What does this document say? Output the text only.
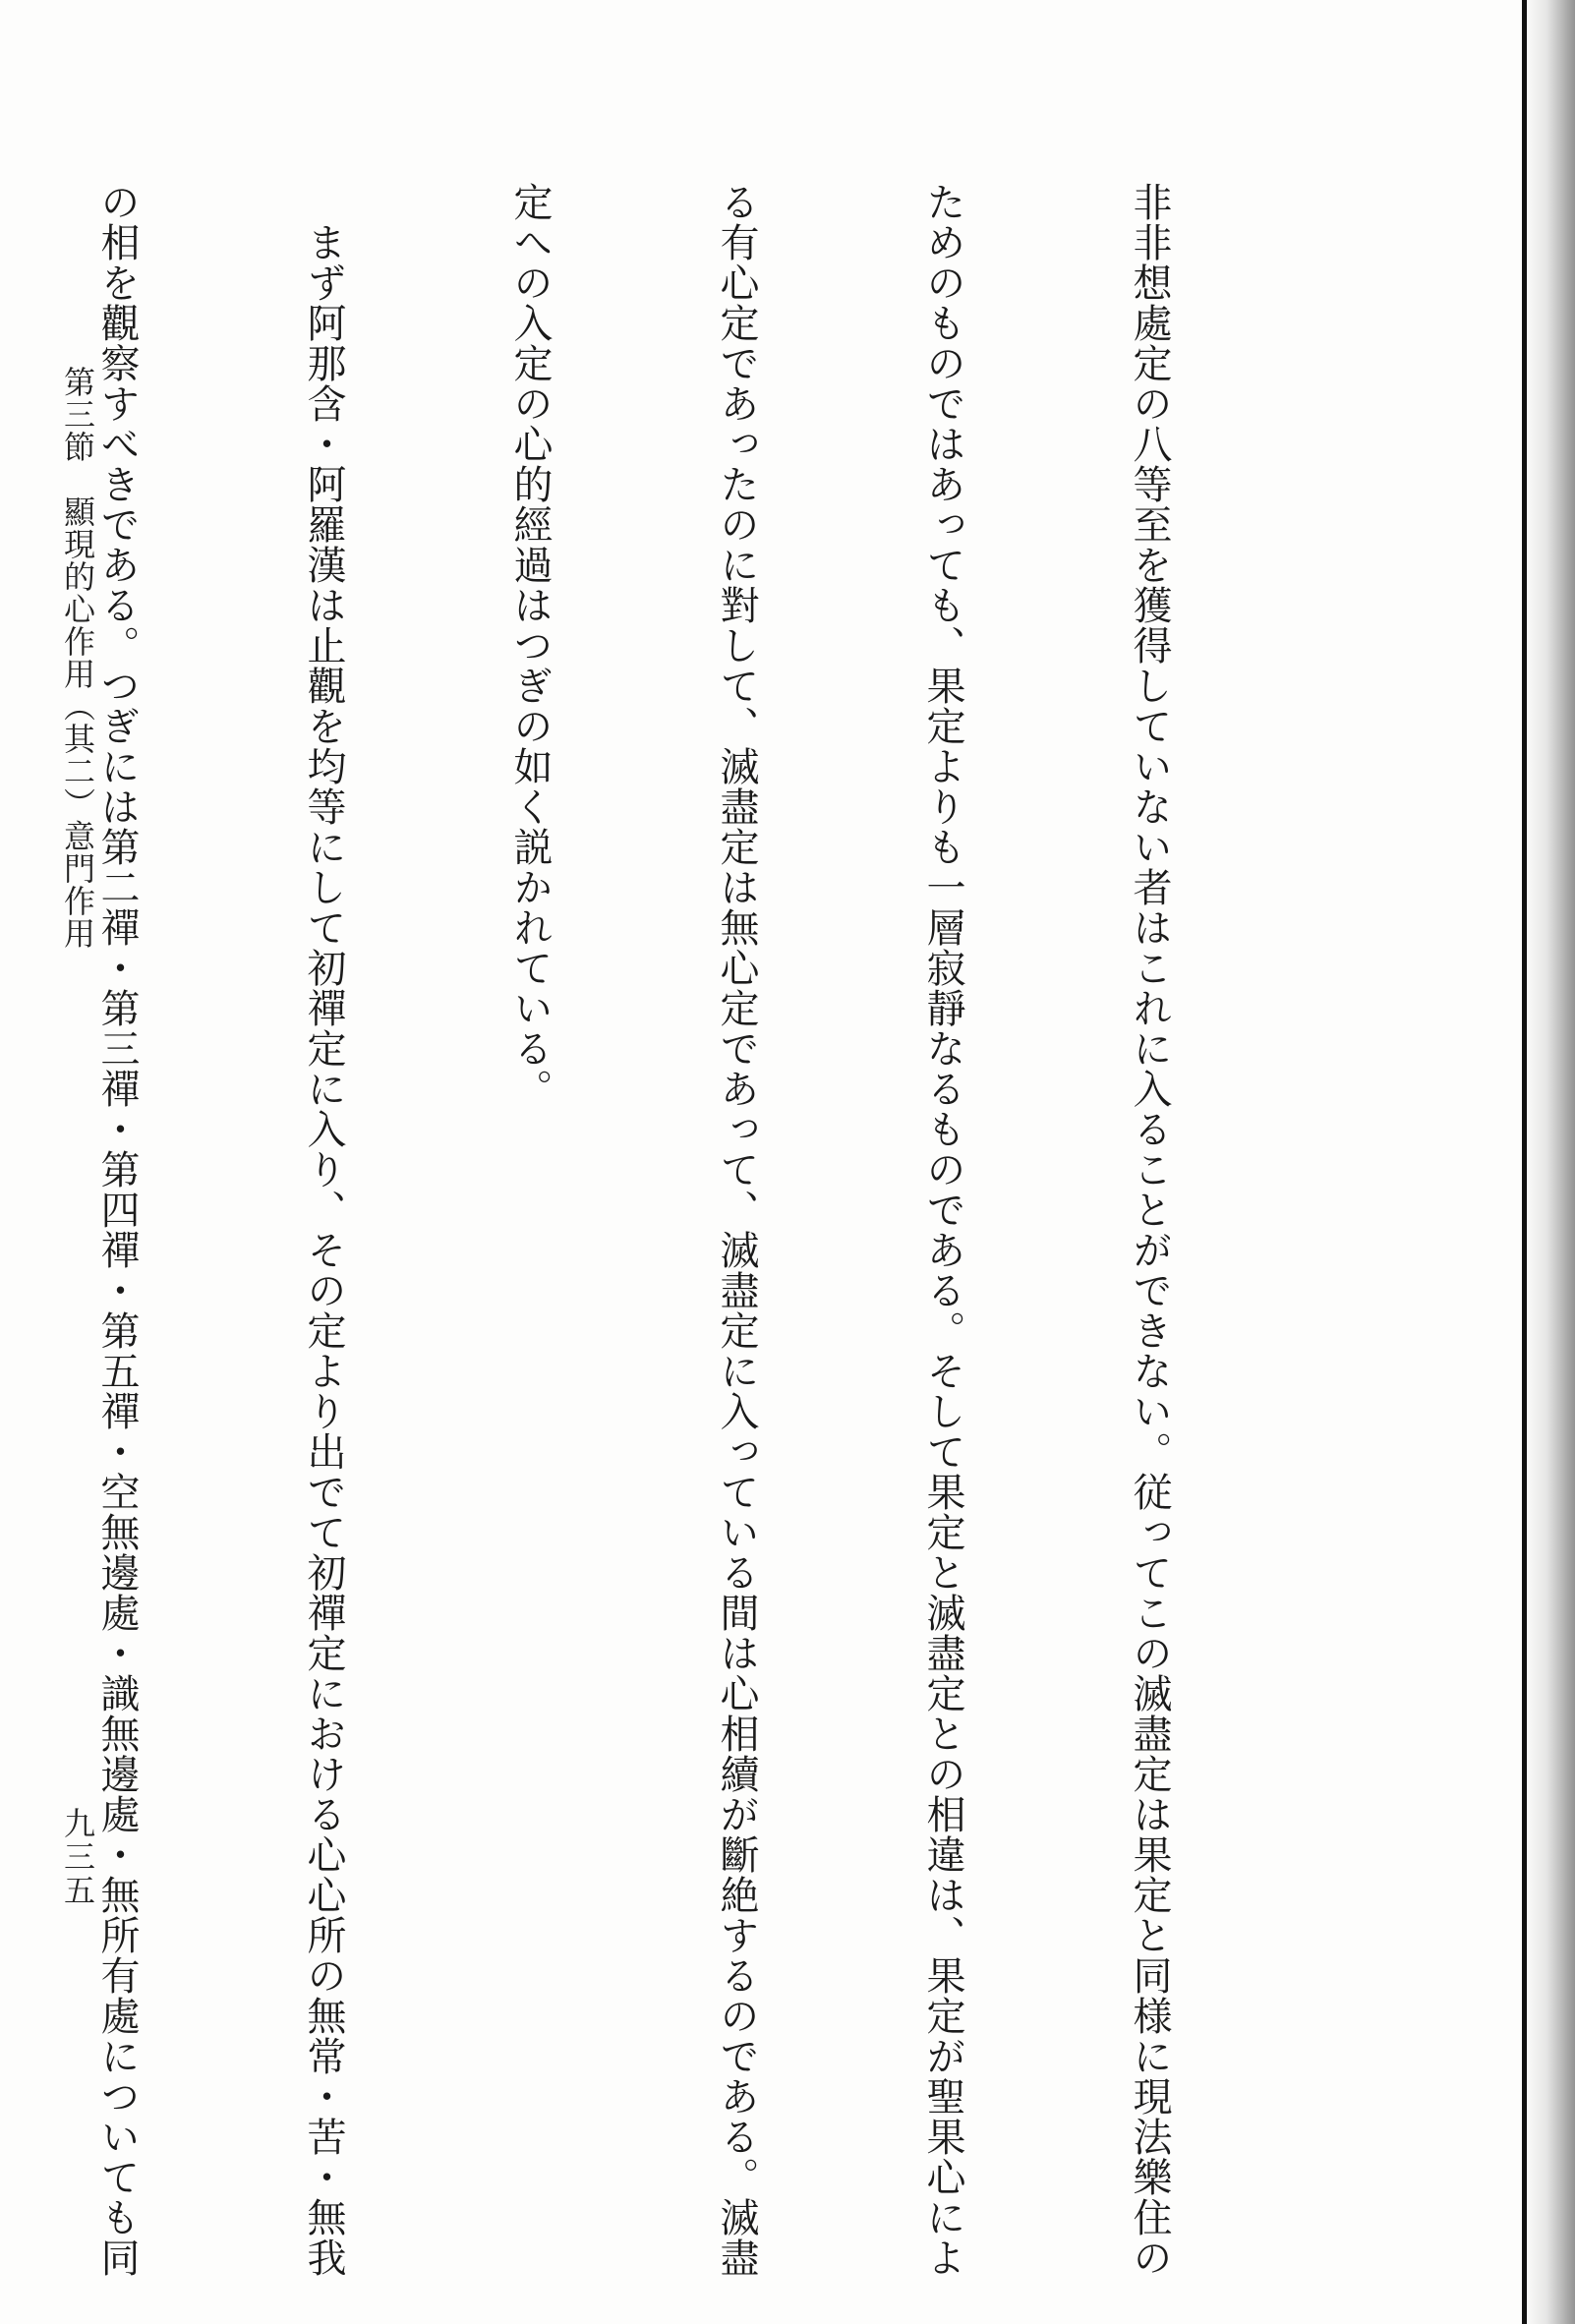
非非想處定の八等至を獲得していない者はこれに入ることができない。従ってこの滅盡定は果定と同様に現法樂住の

ためのものではあっても、果定よりも一層寂靜なるものである。そして果定と滅盡定との相違は、果定が聖果心によ

る有心定であったのに對して、滅盡定は無心定であって、滅盡定に入っている間は心相續が斷絶するのである。滅盡

定への入定の心的經過はつぎの如く説かれている。

　まず阿那含・阿羅漢は止觀を均等にして初禪定に入り、その定より出でて初禪定における心心所の無常・苦・無我

の相を觀察すべきである。つぎには第二禪・第三禪・第四禪・第五禪・空無邊處・識無邊處・無所有處についても同

第三節　顯現的心作用（其二）意門作用
九三五
